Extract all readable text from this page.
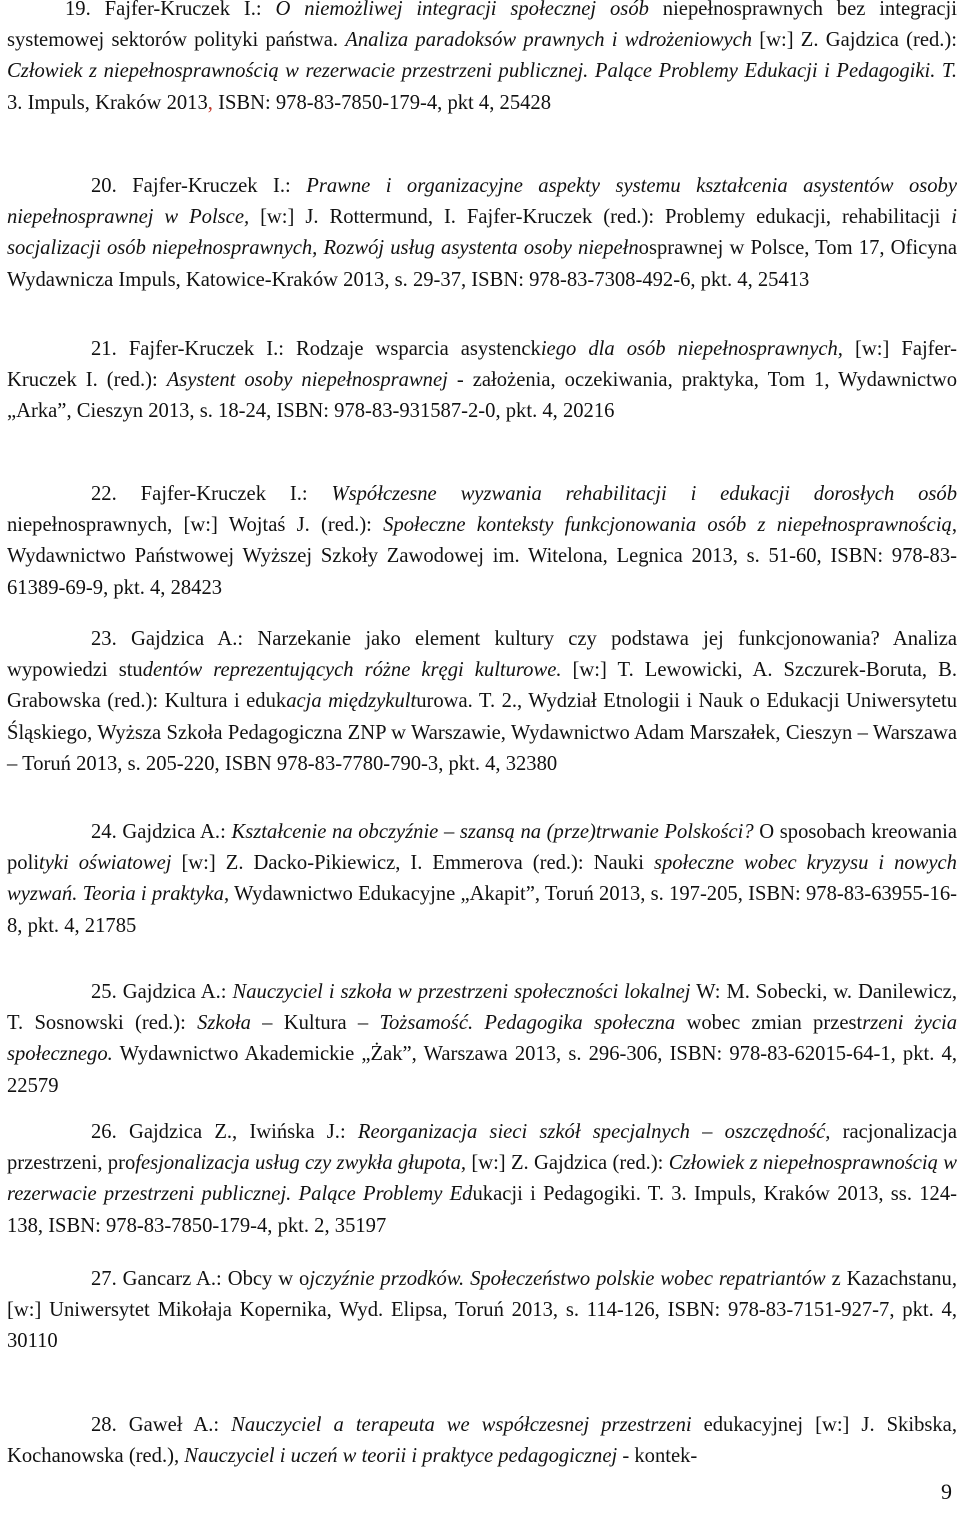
19. Fajfer-Kruczek I.: O niemożliwej integracji społecznej osób niepełnosprawnych bez integracji systemowej sektorów polityki państwa. Analiza paradoksów prawnych i wdrożeniowych [w:] Z. Gajdzica (red.): Człowiek z niepełnosprawnością w rezerwacie przestrzeni publicznej. Palące Problemy Edukacji i Pedagogiki. T. 3. Impuls, Kraków 2013, ISBN: 978-83-7850-179-4, pkt 4, 25428

20. Fajfer-Kruczek I.: Prawne i organizacyjne aspekty systemu kształcenia asystentów osoby niepełnosprawnej w Polsce, [w:] J. Rottermund, I. Fajfer-Kruczek (red.): Problemy edukacji, rehabilitacji i socjalizacji osób niepełnosprawnych, Rozwój usług asystenta osoby niepełnosprawnej w Polsce, Tom 17, Oficyna Wydawnicza Impuls, Katowice-Kraków 2013, s. 29-37, ISBN: 978-83-7308-492-6, pkt. 4, 25413

21. Fajfer-Kruczek I.: Rodzaje wsparcia asystenckiego dla osób niepełnosprawnych, [w:] Fajfer-Kruczek I. (red.): Asystent osoby niepełnosprawnej - założenia, oczekiwania, praktyka, Tom 1, Wydawnictwo „Arka”, Cieszyn 2013, s. 18-24, ISBN: 978-83-931587-2-0, pkt. 4, 20216

22. Fajfer-Kruczek I.: Współczesne wyzwania rehabilitacji i edukacji dorosłych osób niepełnosprawnych, [w:] Wojtaś J. (red.): Społeczne konteksty funkcjonowania osób z niepełnosprawnością, Wydawnictwo Państwowej Wyższej Szkoły Zawodowej im. Witelona, Legnica 2013, s. 51-60, ISBN: 978-83-61389-69-9, pkt. 4, 28423

23. Gajdzica A.: Narzekanie jako element kultury czy podstawa jej funkcjonowania? Analiza wypowiedzi studentów reprezentujących różne kręgi kulturowe. [w:] T. Lewowicki, A. Szczurek-Boruta, B. Grabowska (red.): Kultura i edukacja międzykulturowa. T. 2., Wydział Etnologii i Nauk o Edukacji Uniwersytetu Śląskiego, Wyższa Szkoła Pedagogiczna ZNP w Warszawie, Wydawnictwo Adam Marszałek, Cieszyn – Warszawa – Toruń 2013, s. 205-220, ISBN 978-83-7780-790-3, pkt. 4, 32380

24. Gajdzica A.: Kształcenie na obczyźnie – szansą na (prze)trwanie Polskości? O sposobach kreowania polityki oświatowej [w:] Z. Dacko-Pikiewicz, I. Emmerova (red.): Nauki społeczne wobec kryzysu i nowych wyzwań. Teoria i praktyka, Wydawnictwo Edukacyjne „Akapit”, Toruń 2013, s. 197-205, ISBN: 978-83-63955-16-8, pkt. 4, 21785

25. Gajdzica A.: Nauczyciel i szkoła w przestrzeni społeczności lokalnej W: M. Sobecki, w. Danilewicz, T. Sosnowski (red.): Szkoła – Kultura – Tożsamość. Pedagogika społeczna wobec zmian przestrzeni życia społecznego. Wydawnictwo Akademickie „Żak”, Warszawa 2013, s. 296-306, ISBN: 978-83-62015-64-1, pkt. 4, 22579

26. Gajdzica Z., Iwińska J.: Reorganizacja sieci szkół specjalnych – oszczędność, racjonalizacja przestrzeni, profesjonalizacja usług czy zwykła głupota, [w:] Z. Gajdzica (red.): Człowiek z niepełnosprawnością w rezerwacie przestrzeni publicznej. Palące Problemy Edukacji i Pedagogiki. T. 3. Impuls, Kraków 2013, ss. 124-138, ISBN: 978-83-7850-179-4, pkt. 2, 35197

27. Gancarz A.: Obcy w ojczyźnie przodków. Społeczeństwo polskie wobec repatriantów z Kazachstanu, [w:] Uniwersytet Mikołaja Kopernika, Wyd. Elipsa, Toruń 2013, s. 114-126, ISBN: 978-83-7151-927-7, pkt. 4, 30110

28. Gaweł A.: Nauczyciel a terapeuta we współczesnej przestrzeni edukacyjnej [w:] J. Skibska, Kochanowska (red.), Nauczyciel i uczeń w teorii i praktyce pedagogicznej - kontek-

9
